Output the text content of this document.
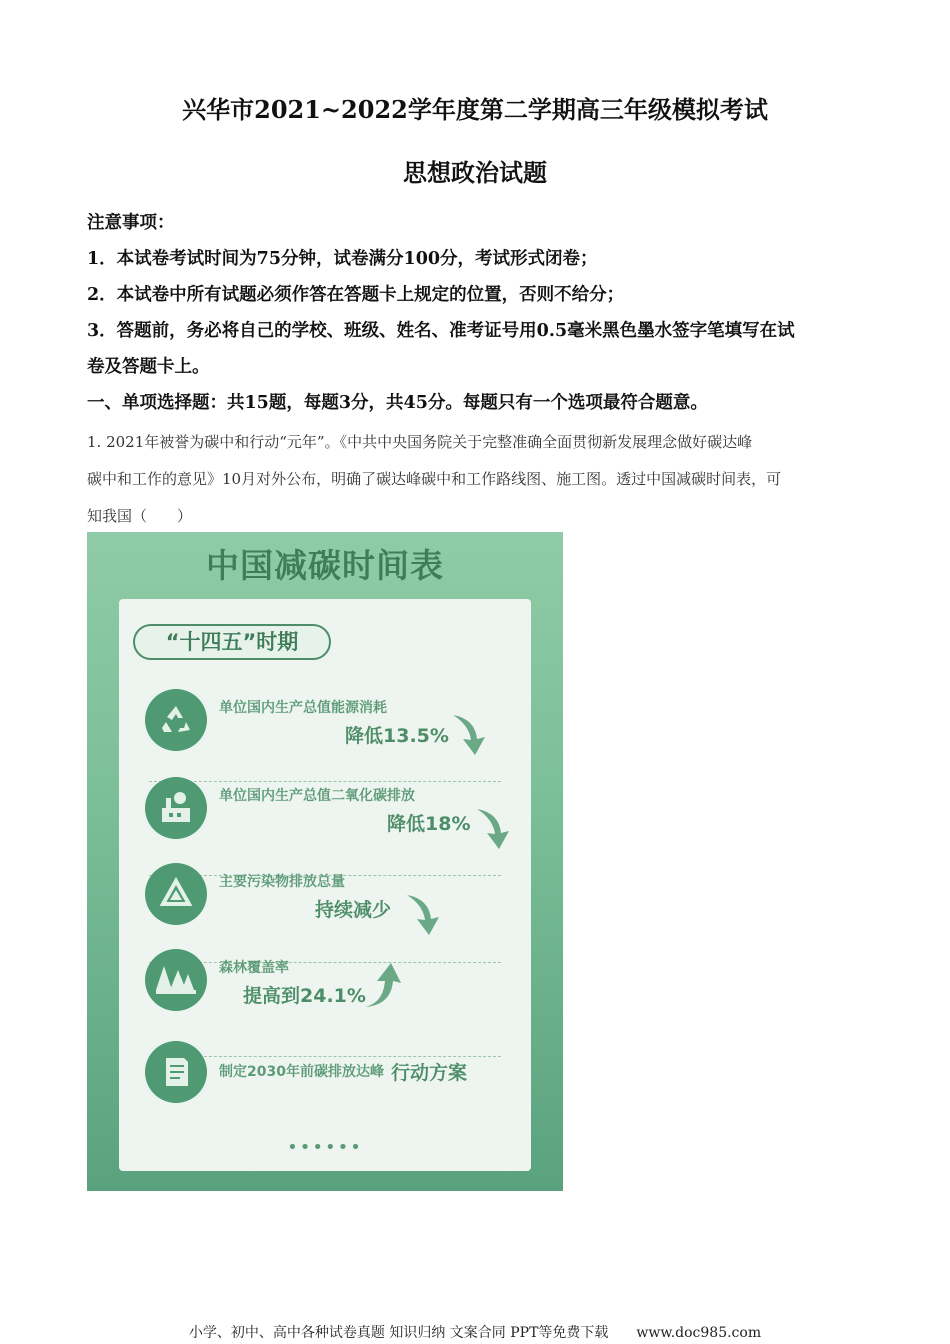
兴华市2021~2022学年度第二学期高三年级模拟考试
思想政治试题
注意事项：
1．本试卷考试时间为75分钟，试卷满分100分，考试形式闭卷；
2．本试卷中所有试题必须作答在答题卡上规定的位置，否则不给分；
3．答题前，务必将自己的学校、班级、姓名、准考证号用0.5毫米黑色墨水签字笔填写在试
卷及答题卡上。
一、单项选择题：共15题，每题3分，共45分。每题只有一个选项最符合题意。
1. 2021年被誉为碳中和行动“元年”。《中共中央国务院关于完整准确全面贯彻新发展理念做好碳达峰
碳中和工作的意见》10月对外公布，明确了碳达峰碳中和工作路线图、施工图。透过中国减碳时间表，可
知我国（　　）
中国减碳时间表
“十四五”时期
单位国内生产总值能源消耗
降低13.5%
单位国内生产总值二氧化碳排放
降低18%
主要污染物排放总量
持续减少
森林覆盖率
提高到24.1%
制定2030年前碳排放达峰 行动方案
••••••
小学、初中、高中各种试卷真题 知识归纳 文案合同 PPT等免费下载　　www.doc985.com
